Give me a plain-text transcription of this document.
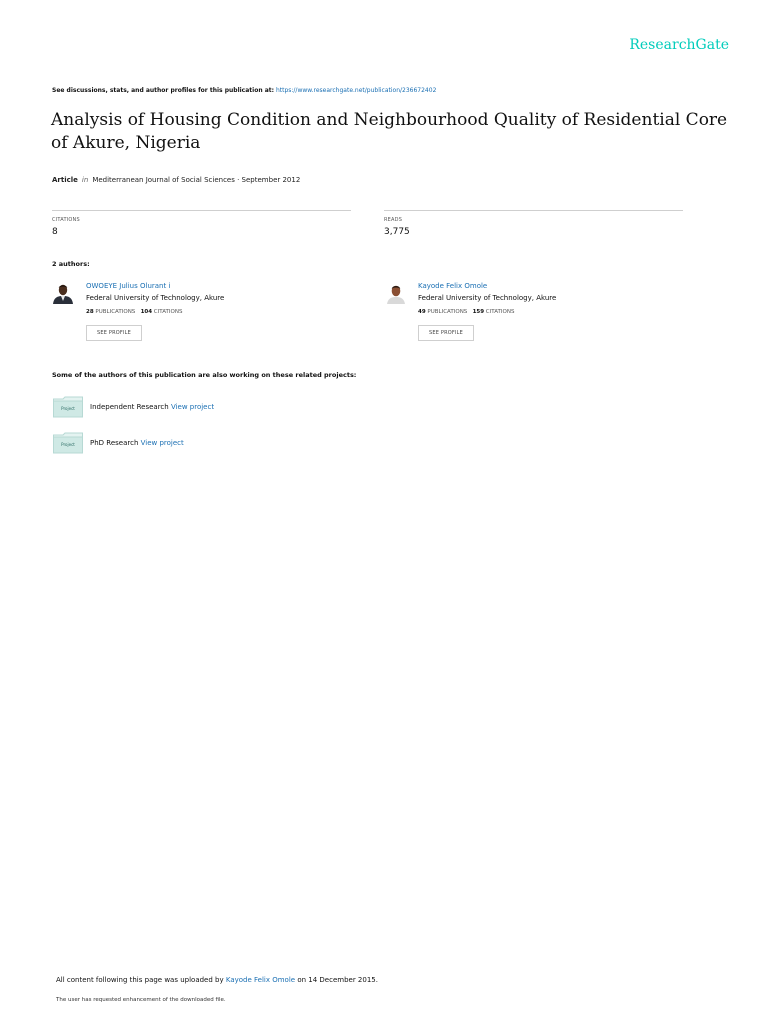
ResearchGate
See discussions, stats, and author profiles for this publication at: https://www.researchgate.net/publication/236672402
Analysis of Housing Condition and Neighbourhood Quality of Residential Core of Akure, Nigeria
Article in Mediterranean Journal of Social Sciences · September 2012
CITATIONS
8
READS
3,775
2 authors:
OWOEYE Julius Olurant i
Federal University of Technology, Akure
28 PUBLICATIONS 104 CITATIONS
SEE PROFILE
Kayode Felix Omole
Federal University of Technology, Akure
49 PUBLICATIONS 159 CITATIONS
SEE PROFILE
Some of the authors of this publication are also working on these related projects:
Project	Independent Research View project
Project	PhD Research View project
All content following this page was uploaded by Kayode Felix Omole on 14 December 2015.
The user has requested enhancement of the downloaded file.
